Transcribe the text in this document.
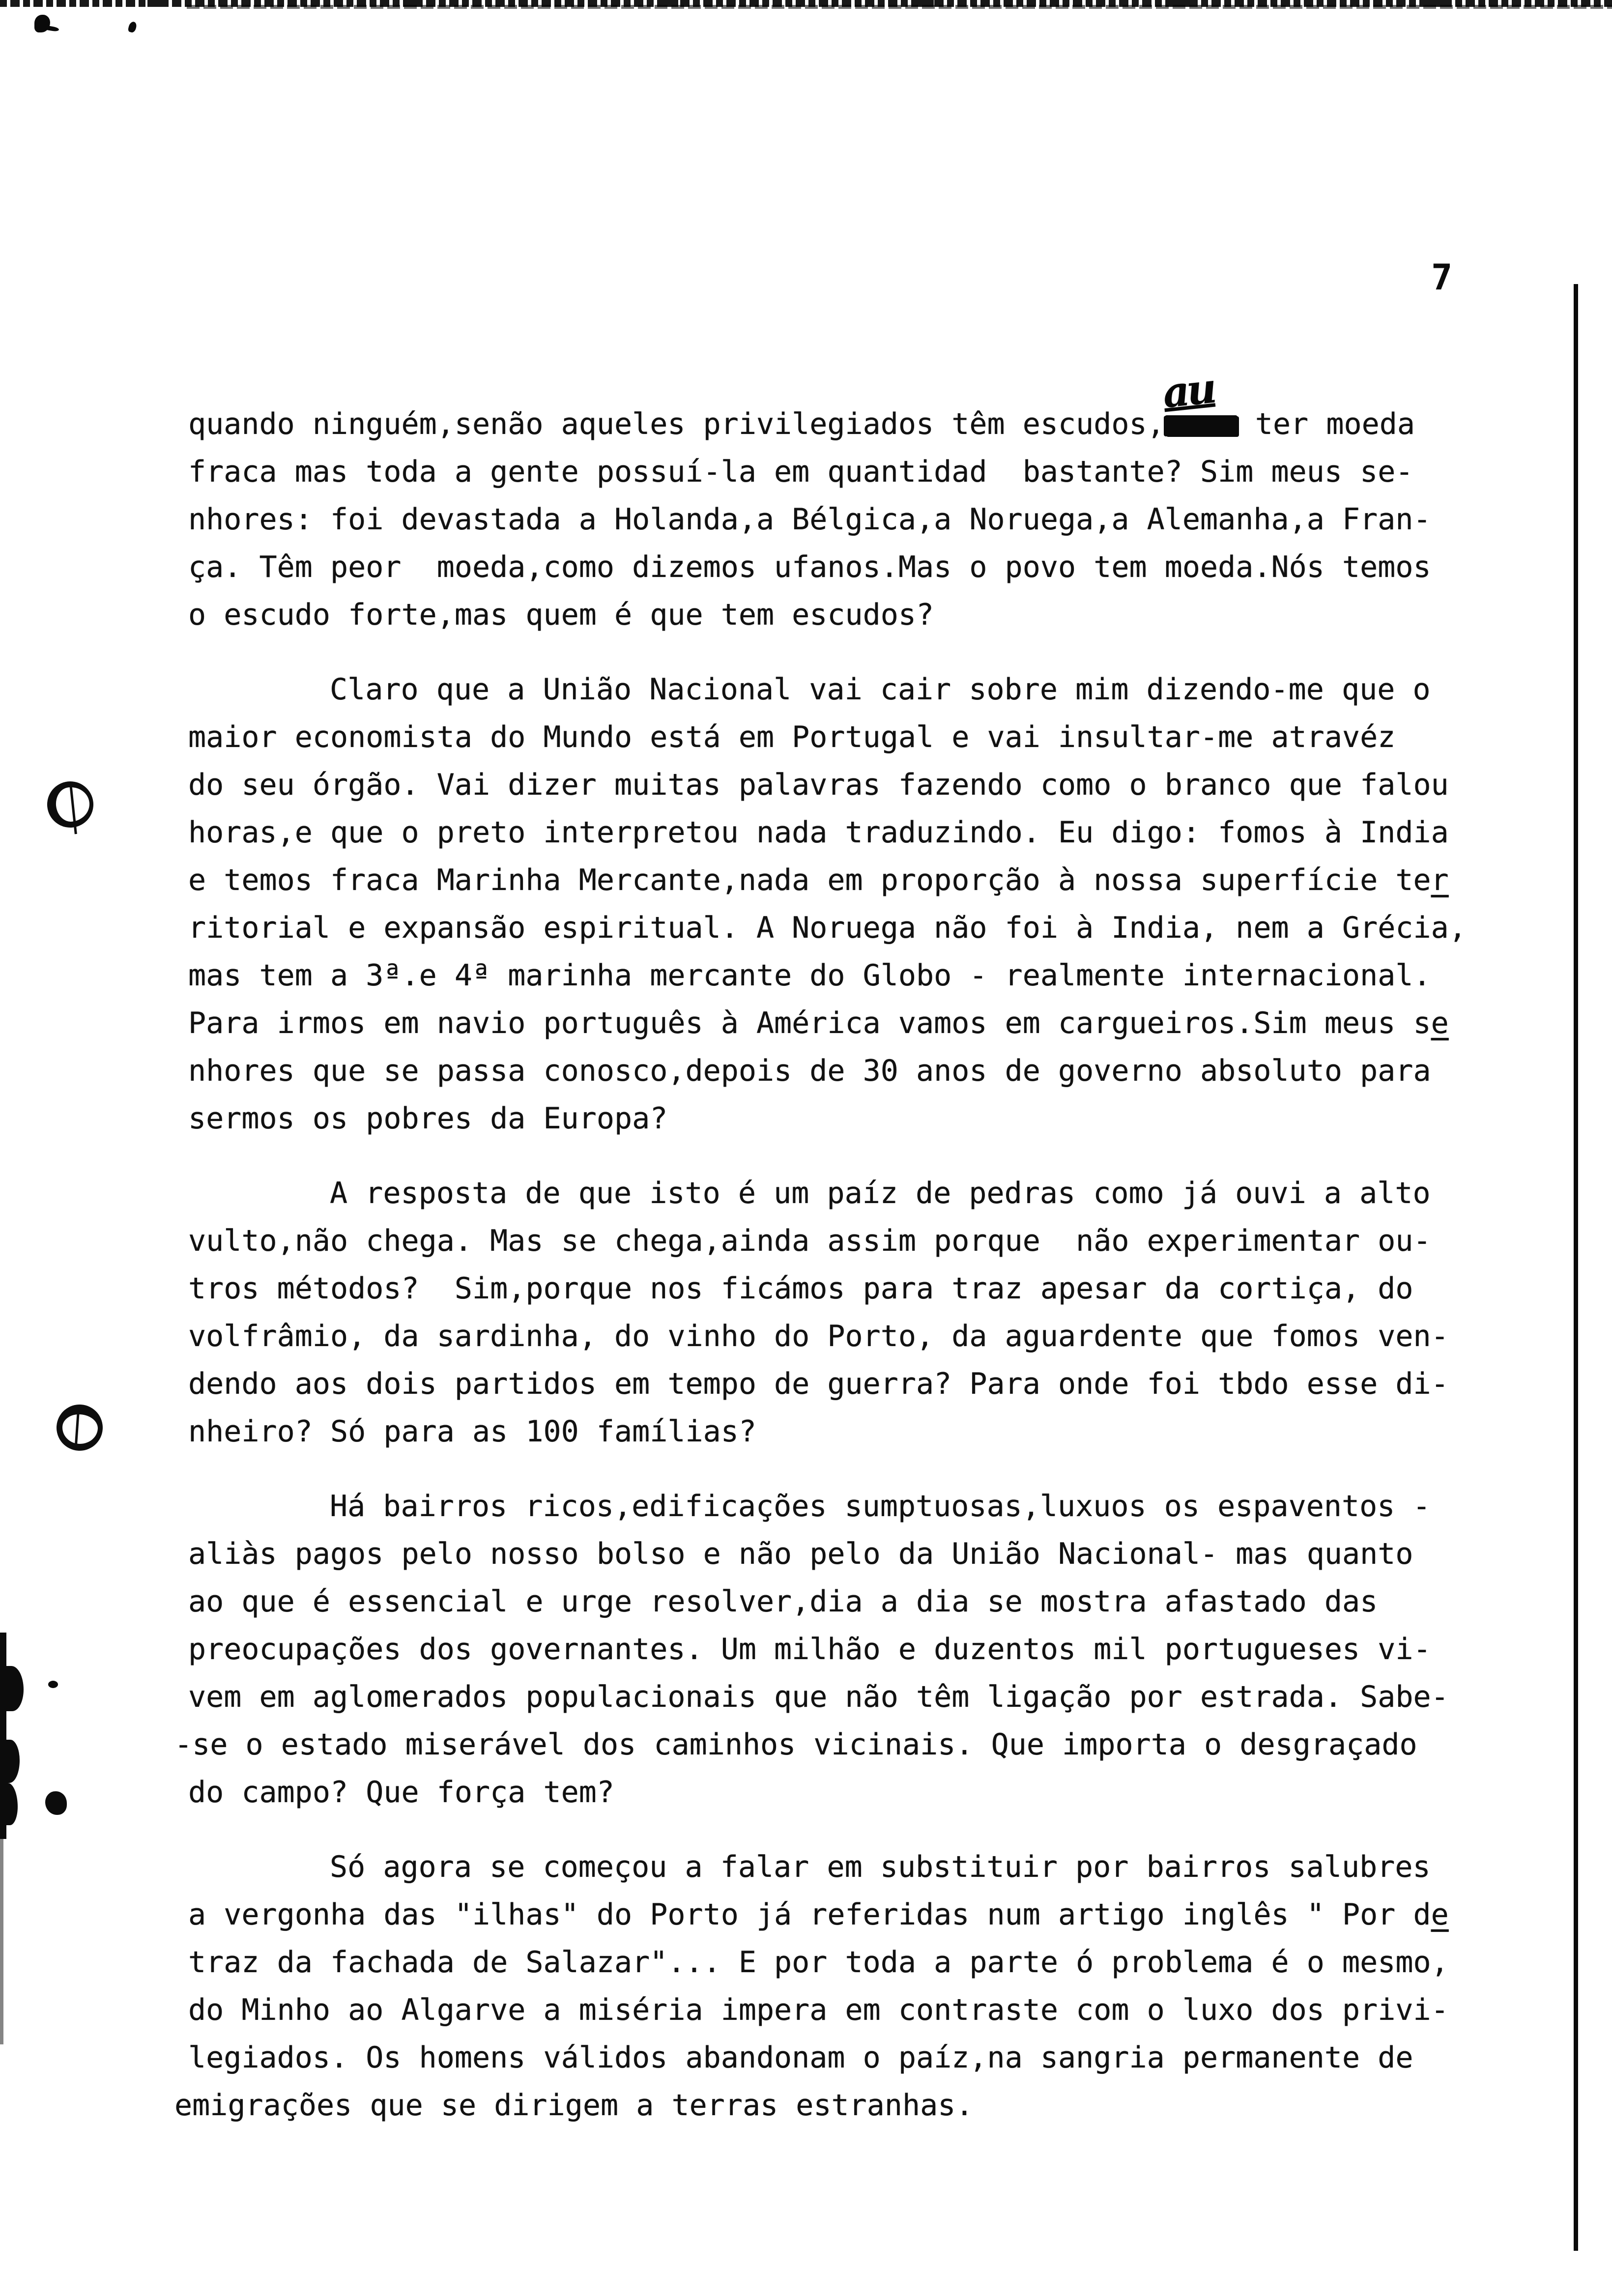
7
quando ninguém,senão aqueles privilegiados têm escudos,
au
ter moeda
fraca mas toda a gente possuí-la em quantidad  bastante? Sim meus se-
nhores: foi devastada a Holanda,a Bélgica,a Noruega,a Alemanha,a Fran-
ça. Têm peor  moeda,como dizemos ufanos.Mas o povo tem moeda.Nós temos
o escudo forte,mas quem é que tem escudos?
Claro que a União Nacional vai cair sobre mim dizendo-me que o
maior economista do Mundo está em Portugal e vai insultar-me atravéz
do seu órgão. Vai dizer muitas palavras fazendo como o branco que falou
horas,e que o preto interpretou nada traduzindo. Eu digo: fomos à India
e temos fraca Marinha Mercante,nada em proporção à nossa superfície ter
ritorial e expansão espiritual. A Noruega não foi à India, nem a Grécia,
mas tem a 3ª.e 4ª marinha mercante do Globo - realmente internacional.
Para irmos em navio português à América vamos em cargueiros.Sim meus se
nhores que se passa conosco,depois de 30 anos de governo absoluto para
sermos os pobres da Europa?
A resposta de que isto é um paíz de pedras como já ouvi a alto
vulto,não chega. Mas se chega,ainda assim porque  não experimentar ou-
tros métodos?  Sim,porque nos ficámos para traz apesar da cortiça, do
volfrâmio, da sardinha, do vinho do Porto, da aguardente que fomos ven-
dendo aos dois partidos em tempo de guerra? Para onde foi tbdo esse di-
nheiro? Só para as 100 famílias?
Há bairros ricos,edificações sumptuosas,luxuos os espaventos -
aliàs pagos pelo nosso bolso e não pelo da União Nacional- mas quanto
ao que é essencial e urge resolver,dia a dia se mostra afastado das
preocupações dos governantes. Um milhão e duzentos mil portugueses vi-
vem em aglomerados populacionais que não têm ligação por estrada. Sabe-
-se o estado miserável dos caminhos vicinais. Que importa o desgraçado
do campo? Que força tem?
Só agora se começou a falar em substituir por bairros salubres
a vergonha das "ilhas" do Porto já referidas num artigo inglês " Por de
traz da fachada de Salazar"... E por toda a parte ó problema é o mesmo,
do Minho ao Algarve a miséria impera em contraste com o luxo dos privi-
legiados. Os homens válidos abandonam o paíz,na sangria permanente de
emigrações que se dirigem a terras estranhas.
